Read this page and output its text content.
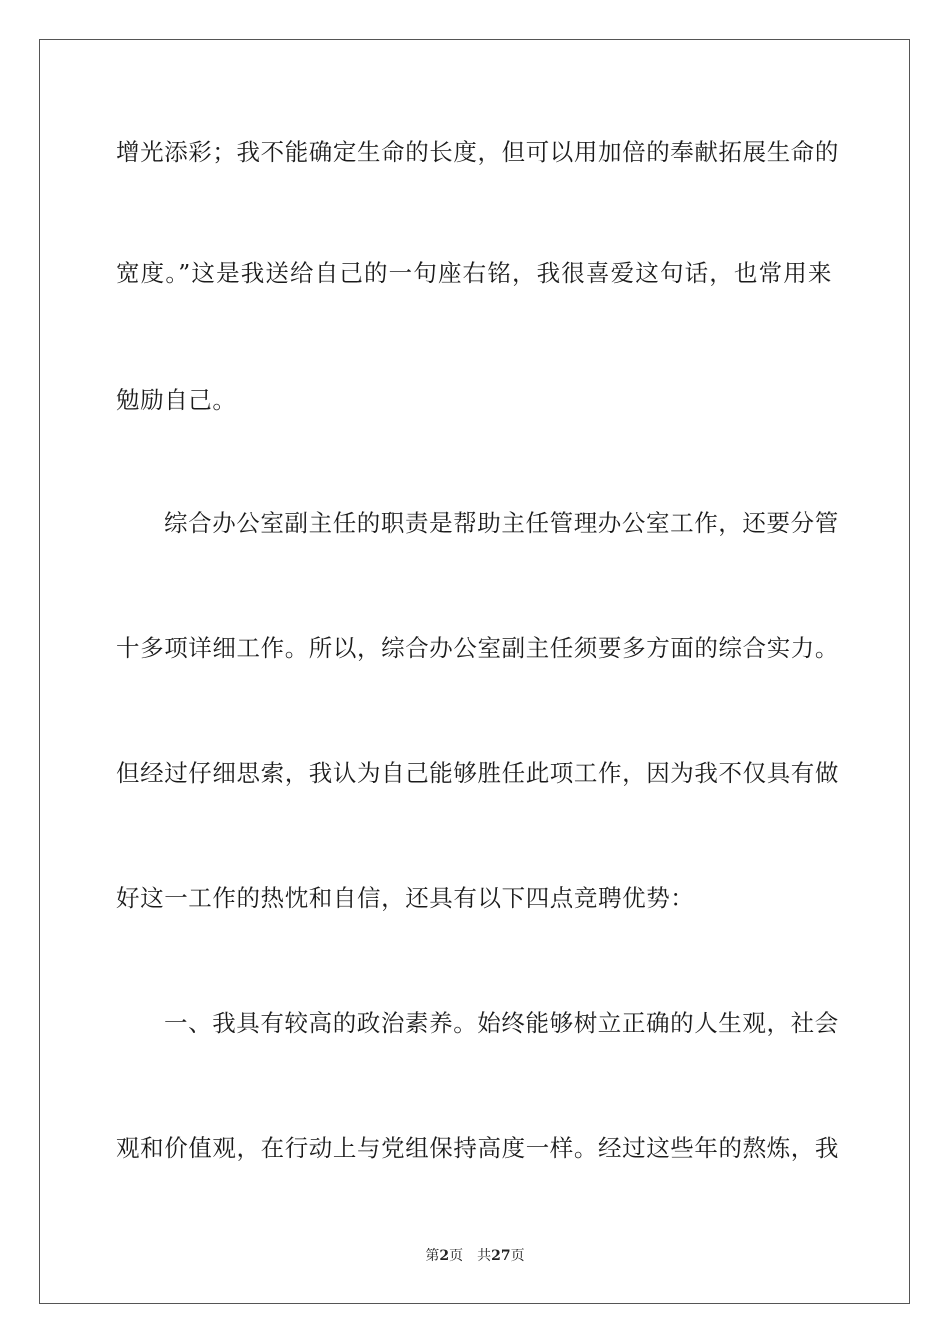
增光添彩；我不能确定生命的长度，但可以用加倍的奉献拓展生命的
宽度。”这是我送给自己的一句座右铭，我很喜爱这句话，也常用来
勉励自己。
综合办公室副主任的职责是帮助主任管理办公室工作，还要分管
十多项详细工作。所以，综合办公室副主任须要多方面的综合实力。
但经过仔细思索，我认为自己能够胜任此项工作，因为我不仅具有做
好这一工作的热忱和自信，还具有以下四点竞聘优势：
一、我具有较高的政治素养。始终能够树立正确的人生观，社会
观和价值观，在行动上与党组保持高度一样。经过这些年的熬炼，我
第2页 共27页
